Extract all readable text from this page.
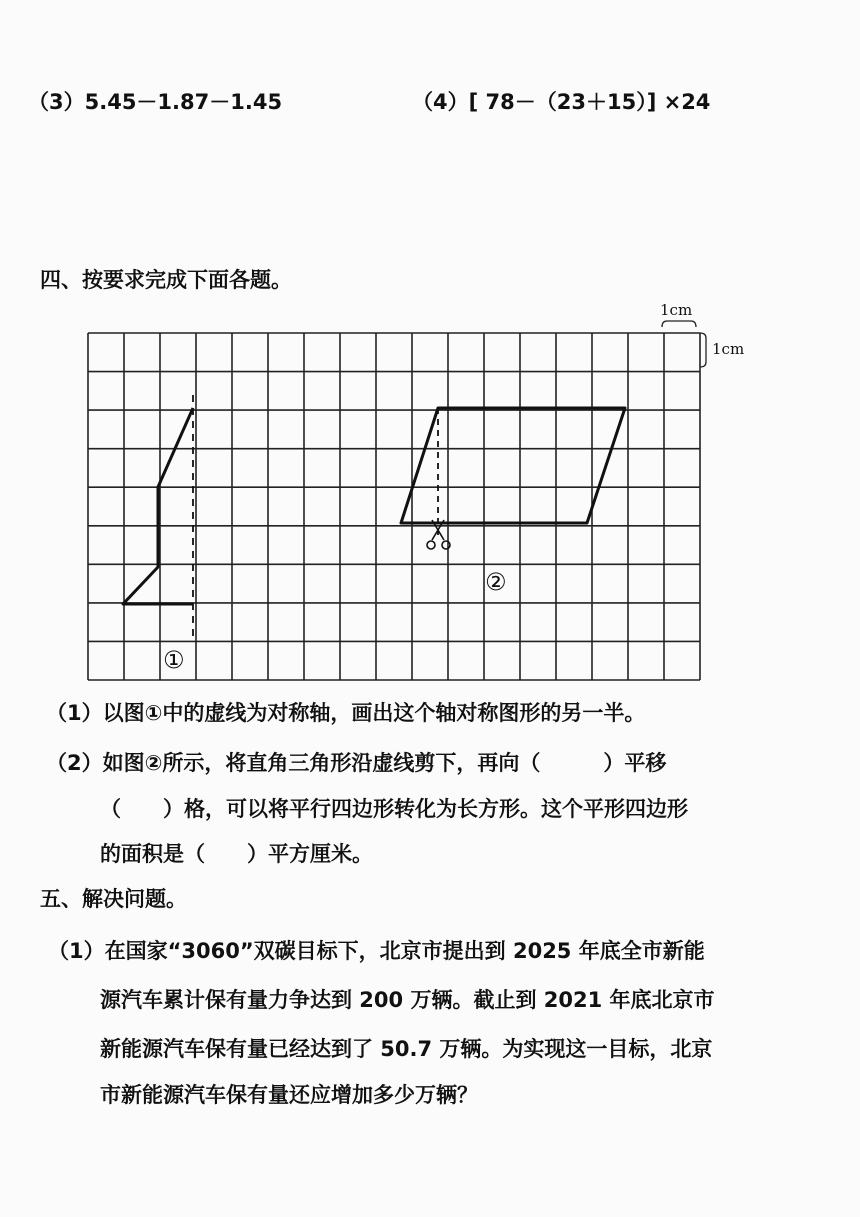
（3）5.45－1.87－1.45	（4）[ 78－（23＋15）] ×24
四、按要求完成下面各题。
1cm
1cm
①
②
（1）以图①中的虚线为对称轴，画出这个轴对称图形的另一半。
（2）如图②所示，将直角三角形沿虚线剪下，再向（　　　）平移
（　　）格，可以将平行四边形转化为长方形。这个平形四边形
的面积是（　　）平方厘米。
五、解决问题。
（1）在国家“3060”双碳目标下，北京市提出到 2025 年底全市新能
源汽车累计保有量力争达到 200 万辆。截止到 2021 年底北京市
新能源汽车保有量已经达到了 50.7 万辆。为实现这一目标，北京
市新能源汽车保有量还应增加多少万辆？
